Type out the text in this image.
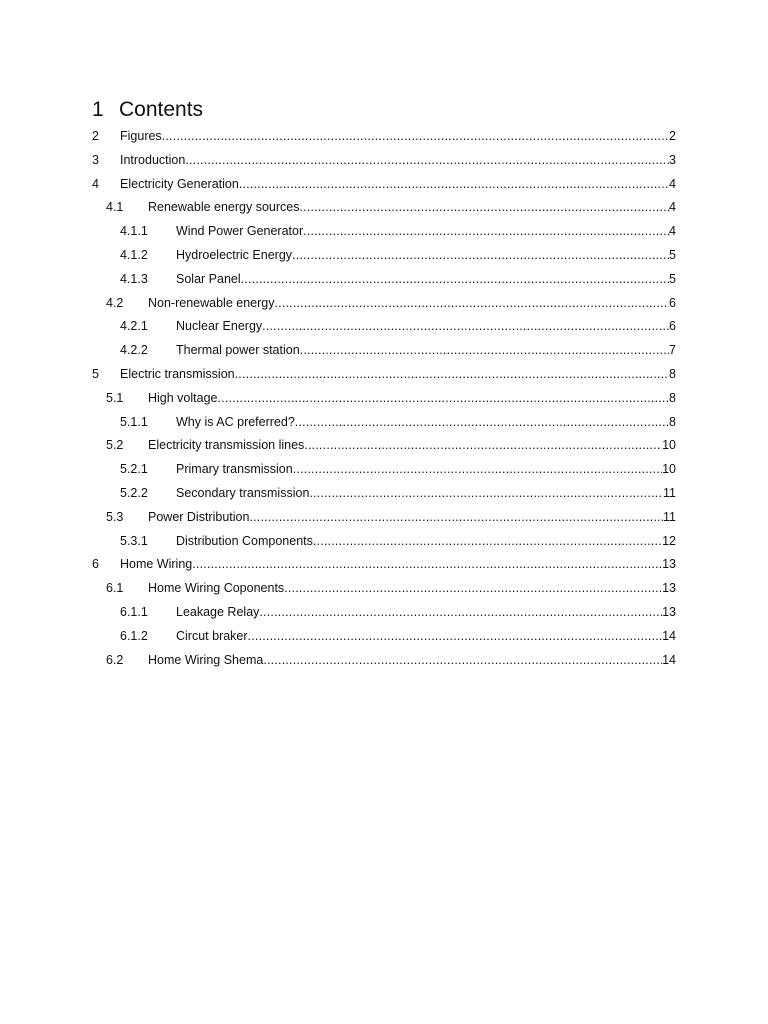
1 Contents
2	Figures .....	2
3	Introduction .....	3
4	Electricity Generation .....	4
4.1	Renewable energy sources .....	4
4.1.1	Wind Power Generator .....	4
4.1.2	Hydroelectric Energy .....	5
4.1.3	Solar Panel .....	5
4.2	Non-renewable energy .....	6
4.2.1	Nuclear Energy .....	6
4.2.2	Thermal power station .....	7
5	Electric transmission .....	8
5.1	High voltage .....	8
5.1.1	Why is AC preferred? .....	8
5.2	Electricity transmission lines .....	10
5.2.1	Primary transmission .....	10
5.2.2	Secondary transmission .....	11
5.3	Power Distribution .....	11
5.3.1	Distribution Components .....	12
6	Home Wiring .....	13
6.1	Home Wiring Coponents .....	13
6.1.1	Leakage Relay .....	13
6.1.2	Circut braker .....	14
6.2	Home Wiring Shema .....	14
